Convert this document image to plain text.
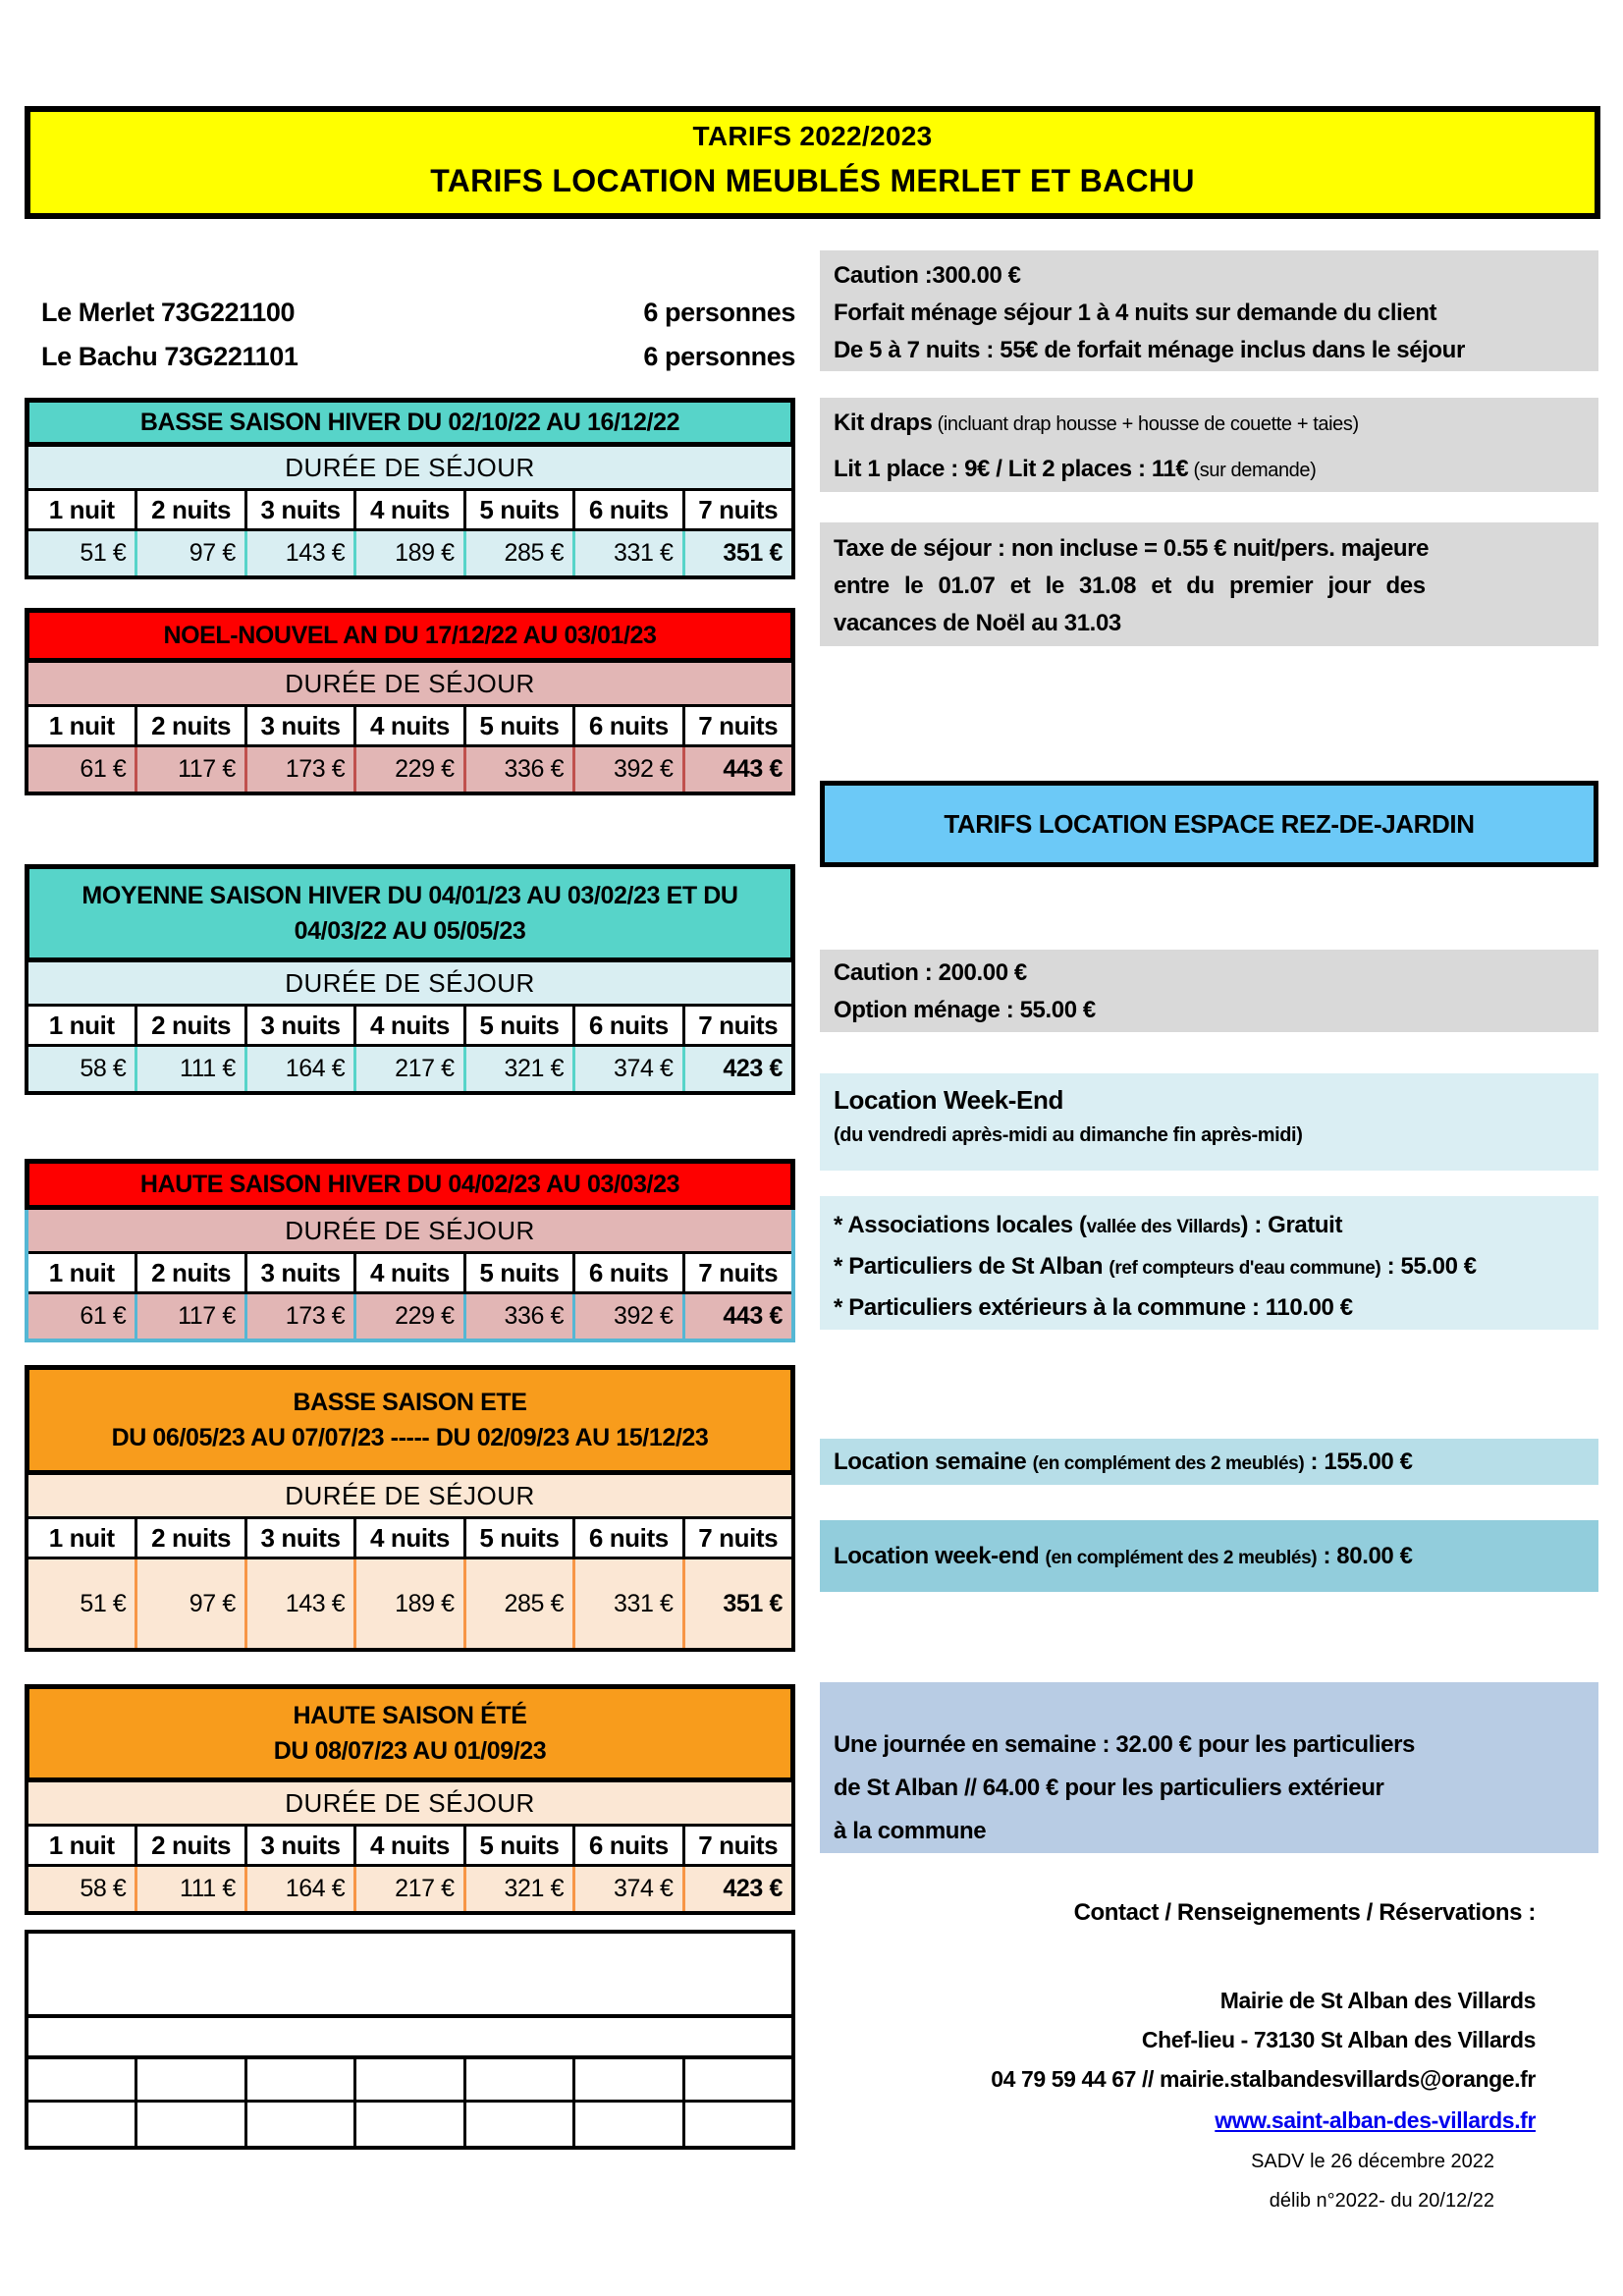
TARIFS 2022/2023
TARIFS LOCATION MEUBLÉS MERLET ET BACHU
Le Merlet 73G221100	6 personnes
Le Bachu 73G221101	6 personnes
BASSE SAISON HIVER DU 02/10/22 AU 16/12/22
DURÉE DE SÉJOUR
1 nuit	2 nuits	3 nuits	4 nuits	5 nuits	6 nuits	7 nuits
51 €	97 €	143 €	189 €	285 €	331 €	351 €
NOEL-NOUVEL AN DU 17/12/22 AU 03/01/23
DURÉE DE SÉJOUR
1 nuit	2 nuits	3 nuits	4 nuits	5 nuits	6 nuits	7 nuits
61 €	117 €	173 €	229 €	336 €	392 €	443 €
MOYENNE SAISON HIVER DU 04/01/23 AU 03/02/23 ET DU
04/03/22 AU 05/05/23
DURÉE DE SÉJOUR
1 nuit	2 nuits	3 nuits	4 nuits	5 nuits	6 nuits	7 nuits
58 €	111 €	164 €	217 €	321 €	374 €	423 €
HAUTE SAISON HIVER DU 04/02/23 AU 03/03/23
DURÉE DE SÉJOUR
1 nuit	2 nuits	3 nuits	4 nuits	5 nuits	6 nuits	7 nuits
61 €	117 €	173 €	229 €	336 €	392 €	443 €
BASSE SAISON ETE
DU 06/05/23 AU 07/07/23 ----- DU 02/09/23 AU 15/12/23
DURÉE DE SÉJOUR
1 nuit	2 nuits	3 nuits	4 nuits	5 nuits	6 nuits	7 nuits
51 €	97 €	143 €	189 €	285 €	331 €	351 €
HAUTE SAISON ÉTÉ
DU 08/07/23 AU 01/09/23
DURÉE DE SÉJOUR
1 nuit	2 nuits	3 nuits	4 nuits	5 nuits	6 nuits	7 nuits
58 €	111 €	164 €	217 €	321 €	374 €	423 €
Caution :300.00 €
Forfait ménage séjour 1 à 4 nuits sur demande du client
De 5 à 7 nuits : 55€ de forfait ménage inclus dans le séjour
Kit draps (incluant drap housse + housse de couette + taies)
Lit 1 place : 9€ / Lit 2 places : 11€ (sur demande)
Taxe de séjour : non incluse = 0.55 € nuit/pers. majeure
entre le 01.07 et le 31.08 et du premier jour des
vacances de Noël au 31.03
TARIFS LOCATION ESPACE REZ-DE-JARDIN
Caution : 200.00 €
Option ménage : 55.00 €
Location Week-End
(du vendredi après-midi au dimanche fin après-midi)
* Associations locales (vallée des Villards) : Gratuit
* Particuliers de St Alban (ref compteurs d'eau commune) : 55.00 €
* Particuliers extérieurs à la commune : 110.00 €
Location semaine (en complément des 2 meublés) : 155.00 €
Location week-end (en complément des 2 meublés) : 80.00 €
Une journée en semaine : 32.00 € pour les particuliers
de St Alban // 64.00 € pour les particuliers extérieur
à la commune
Contact / Renseignements / Réservations :
Mairie de St Alban des Villards
Chef-lieu - 73130 St Alban des Villards
04 79 59 44 67 // mairie.stalbandesvillards@orange.fr
www.saint-alban-des-villards.fr
SADV le 26 décembre 2022
délib n°2022- du 20/12/22
